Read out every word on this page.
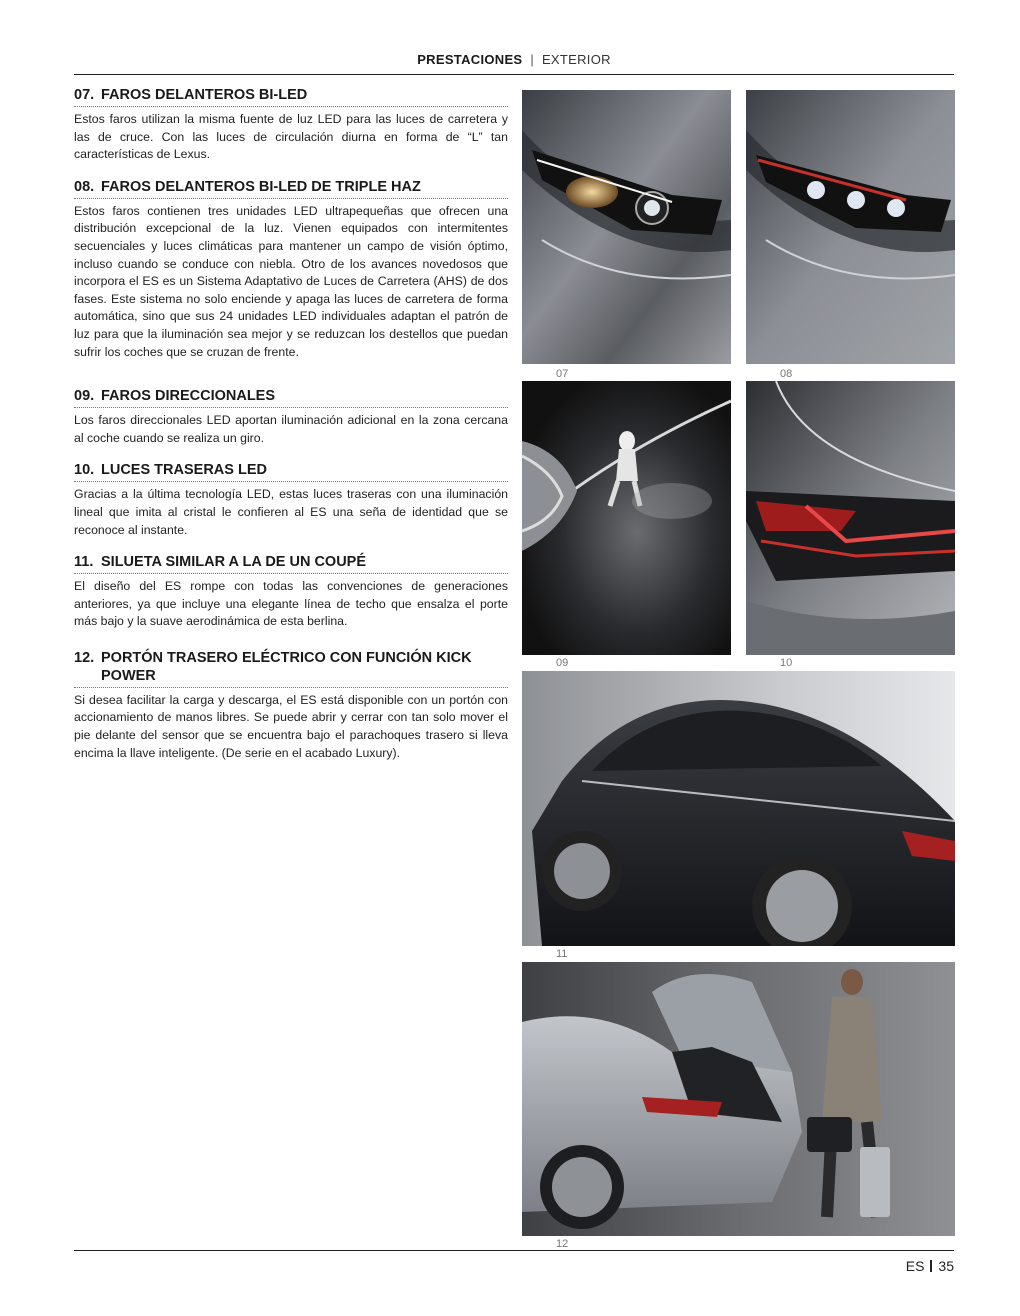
PRESTACIONES | EXTERIOR
07. FAROS DELANTEROS BI-LED

Estos faros utilizan la misma fuente de luz LED para las luces de carretera y las de cruce. Con las luces de circulación diurna en forma de “L” tan características de Lexus.

08. FAROS DELANTEROS BI-LED DE TRIPLE HAZ

Estos faros contienen tres unidades LED ultrapequeñas que ofrecen una distribución excepcional de la luz. Vienen equipados con intermitentes secuenciales y luces climáticas para mantener un campo de visión óptimo, incluso cuando se conduce con niebla. Otro de los avances novedosos que incorpora el ES es un Sistema Adaptativo de Luces de Carretera (AHS) de dos fases. Este sistema no solo enciende y apaga las luces de carretera de forma automática, sino que sus 24 unidades LED individuales adaptan el patrón de luz para que la iluminación sea mejor y se reduzcan los destellos que puedan sufrir los coches que se cruzan de frente.

09. FAROS DIRECCIONALES

Los faros direccionales LED aportan iluminación adicional en la zona cercana al coche cuando se realiza un giro.

10. LUCES TRASERAS LED

Gracias a la última tecnología LED, estas luces traseras con una iluminación lineal que imita al cristal le confieren al ES una seña de identidad que se reconoce al instante.

11. SILUETA SIMILAR A LA DE UN COUPÉ

El diseño del ES rompe con todas las convenciones de generaciones anteriores, ya que incluye una elegante línea de techo que ensalza el porte más bajo y la suave aerodinámica de esta berlina.

12. PORTÓN TRASERO ELÉCTRICO CON FUNCIÓN KICK POWER

Si desea facilitar la carga y descarga, el ES está disponible con un portón con accionamiento de manos libres. Se puede abrir y cerrar con tan solo mover el pie delante del sensor que se encuentra bajo el parachoques trasero si lleva encima la llave inteligente. (De serie en el acabado Luxury).

07	08
09	10
11
12
ES 35
